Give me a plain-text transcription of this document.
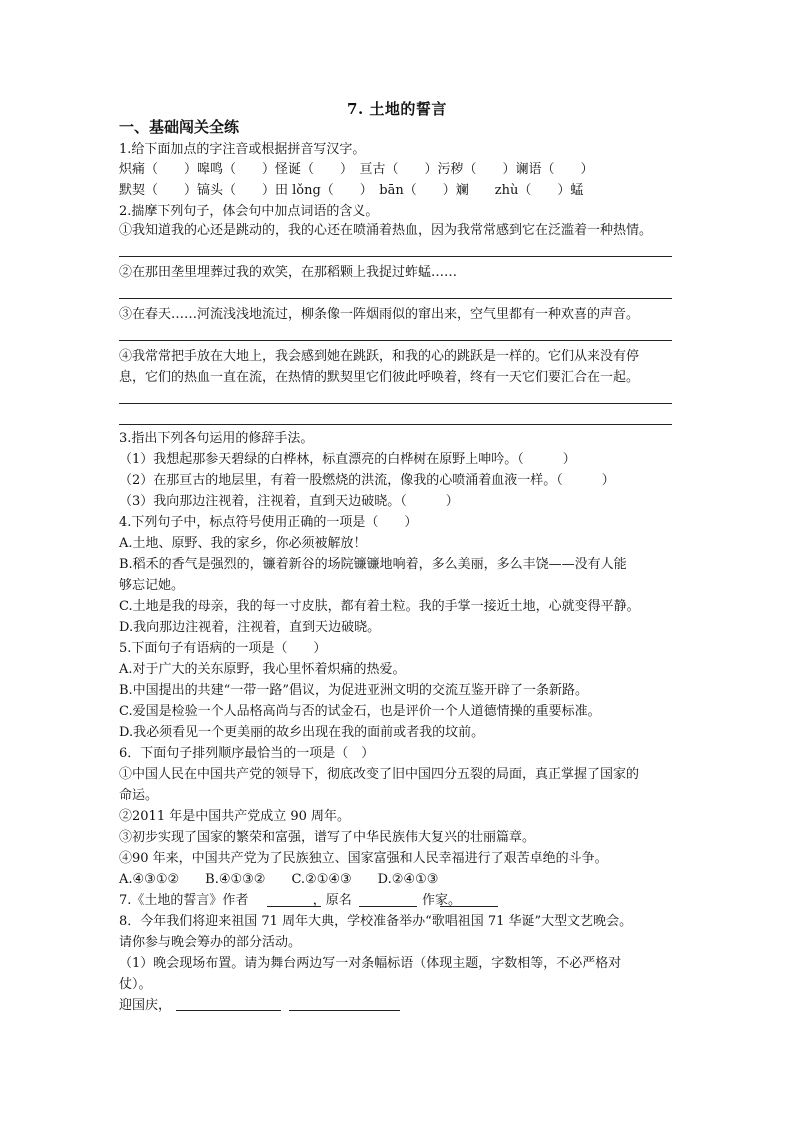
7. 土地的誓言
一、基础闯关全练
1.给下面加点的字注音或根据拼音写汉字。
炽痛（　　）嗥鸣（　　）怪诞（　　）　亘古（　　）污秽（　　）谰语（　　）
默契（　　）镐头（　　）田 lǒng（　　）　bān（　　）斓　　zhù（　　）蜢
2.揣摩下列句子，体会句中加点词语的含义。
①我知道我的心还是跳动的，我的心还在喷涌着热血，因为我常常感到它在泛滥着一种热情。
②在那田垄里埋葬过我的欢笑，在那稻颗上我捉过蚱蜢……
③在春天……河流浅浅地流过，柳条像一阵烟雨似的窜出来，空气里都有一种欢喜的声音。
④我常常把手放在大地上，我会感到她在跳跃，和我的心的跳跃是一样的。它们从来没有停
息，它们的热血一直在流，在热情的默契里它们彼此呼唤着，终有一天它们要汇合在一起。
3.指出下列各句运用的修辞手法。
（1）我想起那参天碧绿的白桦林，标直漂亮的白桦树在原野上呻吟。（　　　）
（2）在那亘古的地层里，有着一股燃烧的洪流，像我的心喷涌着血液一样。（　　　）
（3）我向那边注视着，注视着，直到天边破晓。（　　　）
4.下列句子中，标点符号使用正确的一项是（　　）
A.土地、原野、我的家乡，你必须被解放！
B.稻禾的香气是强烈的，镰着新谷的场院镰镰地响着，多么美丽，多么丰饶——没有人能
够忘记她。
C.土地是我的母亲，我的每一寸皮肤，都有着土粒。我的手掌一接近土地，心就变得平静。
D.我向那边注视着，注视着，直到天边破晓。
5.下面句子有语病的一项是（　　）
A.对于广大的关东原野，我心里怀着炽痛的热爱。
B.中国提出的共建“一带一路”倡议，为促进亚洲文明的交流互鉴开辟了一条新路。
C.爱国是检验一个人品格高尚与否的试金石，也是评价一个人道德情操的重要标准。
D.我必须看见一个更美丽的故乡出现在我的面前或者我的坟前。
6．下面句子排列顺序最恰当的一项是（　）
①中国人民在中国共产党的领导下，彻底改变了旧中国四分五裂的局面，真正掌握了国家的
命运。
②2011 年是中国共产党成立 90 周年。
③初步实现了国家的繁荣和富强，谱写了中华民族伟大复兴的壮丽篇章。
④90 年来，中国共产党为了民族独立、国家富强和人民幸福进行了艰苦卓绝的斗争。
A.④③①②　　B.④①③②　　C.②①④③　　D.②④①③
7.《土地的誓言》作者	，原名	作家。
8．今年我们将迎来祖国 71 周年大典，学校准备举办“歌唱祖国 71 华诞”大型文艺晚会。
请你参与晚会筹办的部分活动。
（1）晚会现场布置。请为舞台两边写一对条幅标语（体现主题，字数相等，不必严格对
仗）。
迎国庆，
